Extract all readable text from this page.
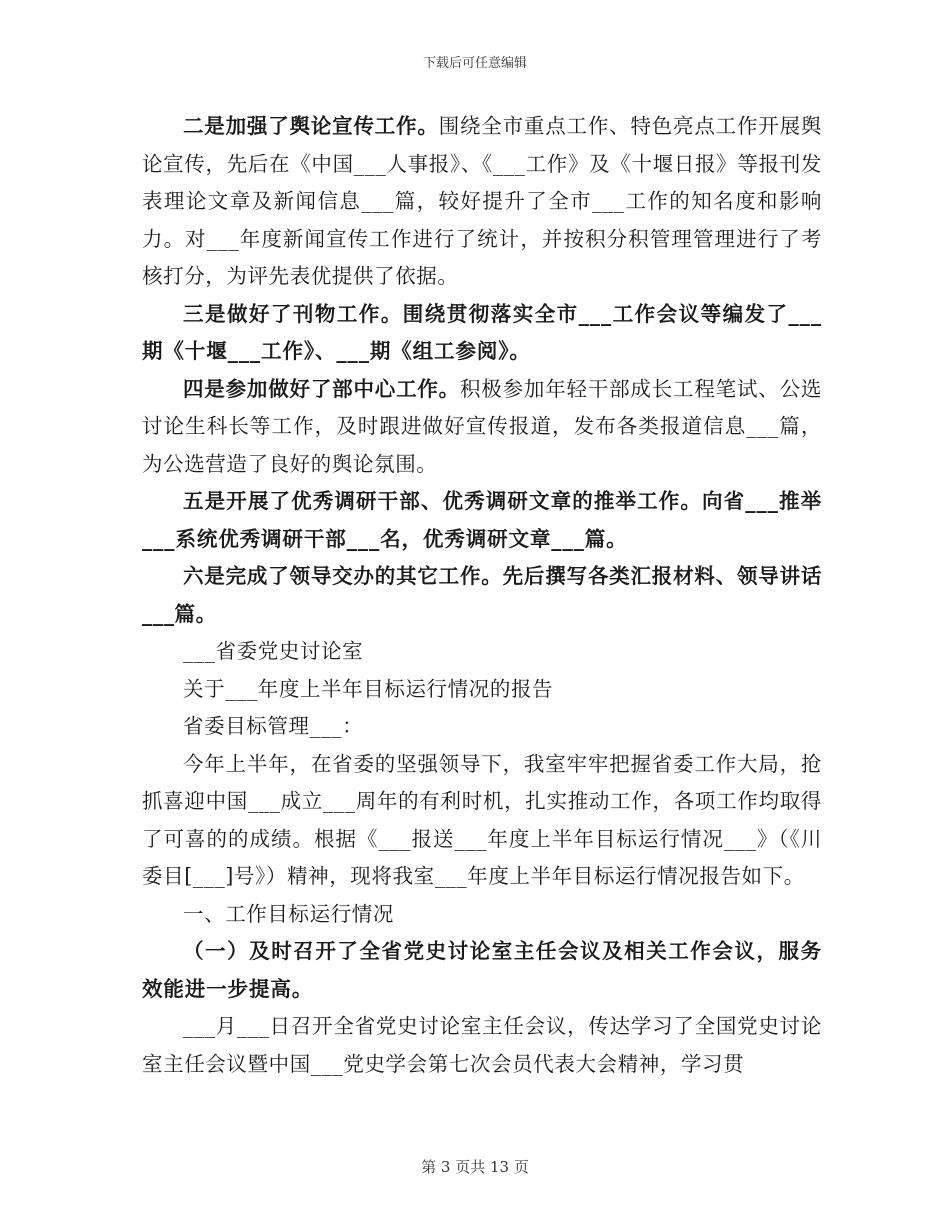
下载后可任意编辑

二是加强了舆论宣传工作。围绕全市重点工作、特色亮点工作开展舆论宣传，先后在《中国___人事报》、《___工作》及《十堰日报》等报刊发表理论文章及新闻信息___篇，较好提升了全市___工作的知名度和影响力。对___年度新闻宣传工作进行了统计，并按积分积管理管理进行了考核打分，为评先表优提供了依据。

三是做好了刊物工作。围绕贯彻落实全市___工作会议等编发了___期《十堰___工作》、___期《组工参阅》。

四是参加做好了部中心工作。积极参加年轻干部成长工程笔试、公选讨论生科长等工作，及时跟进做好宣传报道，发布各类报道信息___篇，为公选营造了良好的舆论氛围。

五是开展了优秀调研干部、优秀调研文章的推举工作。向省___推举___系统优秀调研干部___名，优秀调研文章___篇。

六是完成了领导交办的其它工作。先后撰写各类汇报材料、领导讲话___篇。

___省委党史讨论室

关于___年度上半年目标运行情况的报告

省委目标管理___：

今年上半年，在省委的坚强领导下，我室牢牢把握省委工作大局，抢抓喜迎中国___成立___周年的有利时机，扎实推动工作，各项工作均取得了可喜的的成绩。根据《___报送___年度上半年目标运行情况___》（《川委目[___]号》）精神，现将我室___年度上半年目标运行情况报告如下。

一、工作目标运行情况

（一）及时召开了全省党史讨论室主任会议及相关工作会议，服务效能进一步提高。

___月___日召开全省党史讨论室主任会议，传达学习了全国党史讨论室主任会议暨中国___党史学会第七次会员代表大会精神，学习贯

第 3 页共 13 页
